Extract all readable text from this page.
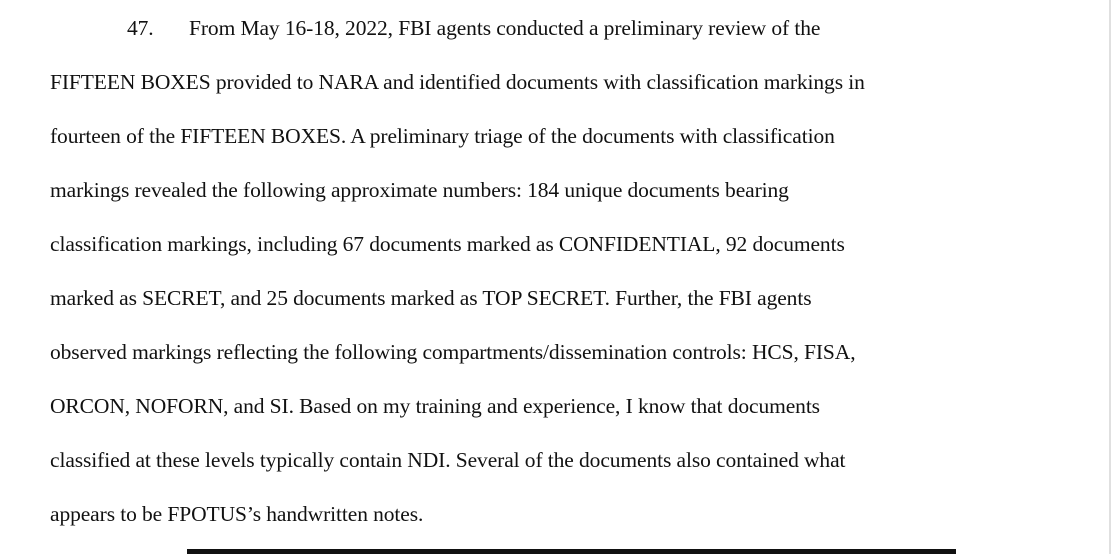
47. From May 16-18, 2022, FBI agents conducted a preliminary review of the
FIFTEEN BOXES provided to NARA and identified documents with classification markings in
fourteen of the FIFTEEN BOXES. A preliminary triage of the documents with classification
markings revealed the following approximate numbers: 184 unique documents bearing
classification markings, including 67 documents marked as CONFIDENTIAL, 92 documents
marked as SECRET, and 25 documents marked as TOP SECRET. Further, the FBI agents
observed markings reflecting the following compartments/dissemination controls: HCS, FISA,
ORCON, NOFORN, and SI. Based on my training and experience, I know that documents
classified at these levels typically contain NDI. Several of the documents also contained what
appears to be FPOTUS’s handwritten notes.
